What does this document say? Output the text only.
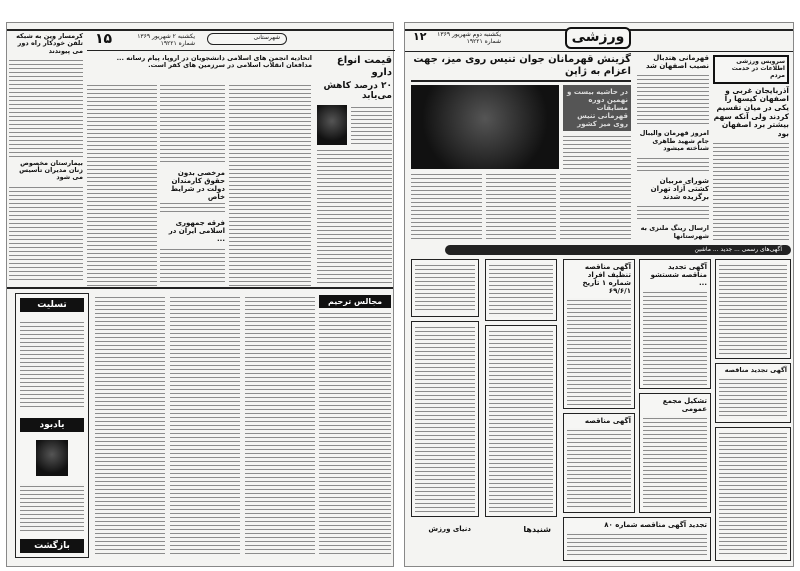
۱۵	یکشنبه ۲ شهریور ۱۳۶۹
شماره ۱۹۲۲۱
شهرستانی
کرمسار وین به شبکه تلفن خودکار راه دور می پیوندند
بیمارستان مخصوص زنان مدیران تأسیس می شود
اتحادیه انجمن های اسلامی دانشجویان در اروپا، پیام رسانه ... مدافعان انقلاب اسلامی در سرزمین های کفر است.
مرخصی بدون حقوق کارمندان دولت در شرایط خاص
فرقه جمهوری اسلامی ایران در ...
قیمت انواع دارو
۲۰ درصد کاهش می‌یابد
تسلیت
یادبود
بازگشت
مجالس ترحیم
۱۲	یکشنبه دوم شهریور ۱۳۶۹
شماره ۱۹۲۲۱	ورزشی
گزینش قهرمانان جوان تنیس روی میز، جهت اعزام به ژاپن
در حاشیه بیست و نهمین دوره مسابقات قهرمانی تنیس روی میز کشور
قهرمانی هندبال نصیب اصفهان شد
امروز قهرمان والیبال جام شهید طاهری شناخته میشود
شورای مربیان کشتی آزاد تهران برگزیده شدند
ارسال رینگ ملنزی به شهرستانها
سرویس ورزشی اطلاعات در خدمت مردم
آذربایجان غربی و اصفهان کیسها را یکی در میان تقسیم کردند ولی آنکه سهم بیشتر برد اصفهان بود
آگهی‌های رسمی ... جدید ... ماشین
آگهی مناقصه تنظیف افراد شماره ۱ تاریخ ۶۹/۶/۱
آگهی مناقصه
دنیای ورزش	شنیدها	تجدید آگهی مناقصه شماره ۸۰
آگهی تجدید مناقصه شستشو ...
تشکیل مجمع عمومی
آگهی تجدید مناقصه
